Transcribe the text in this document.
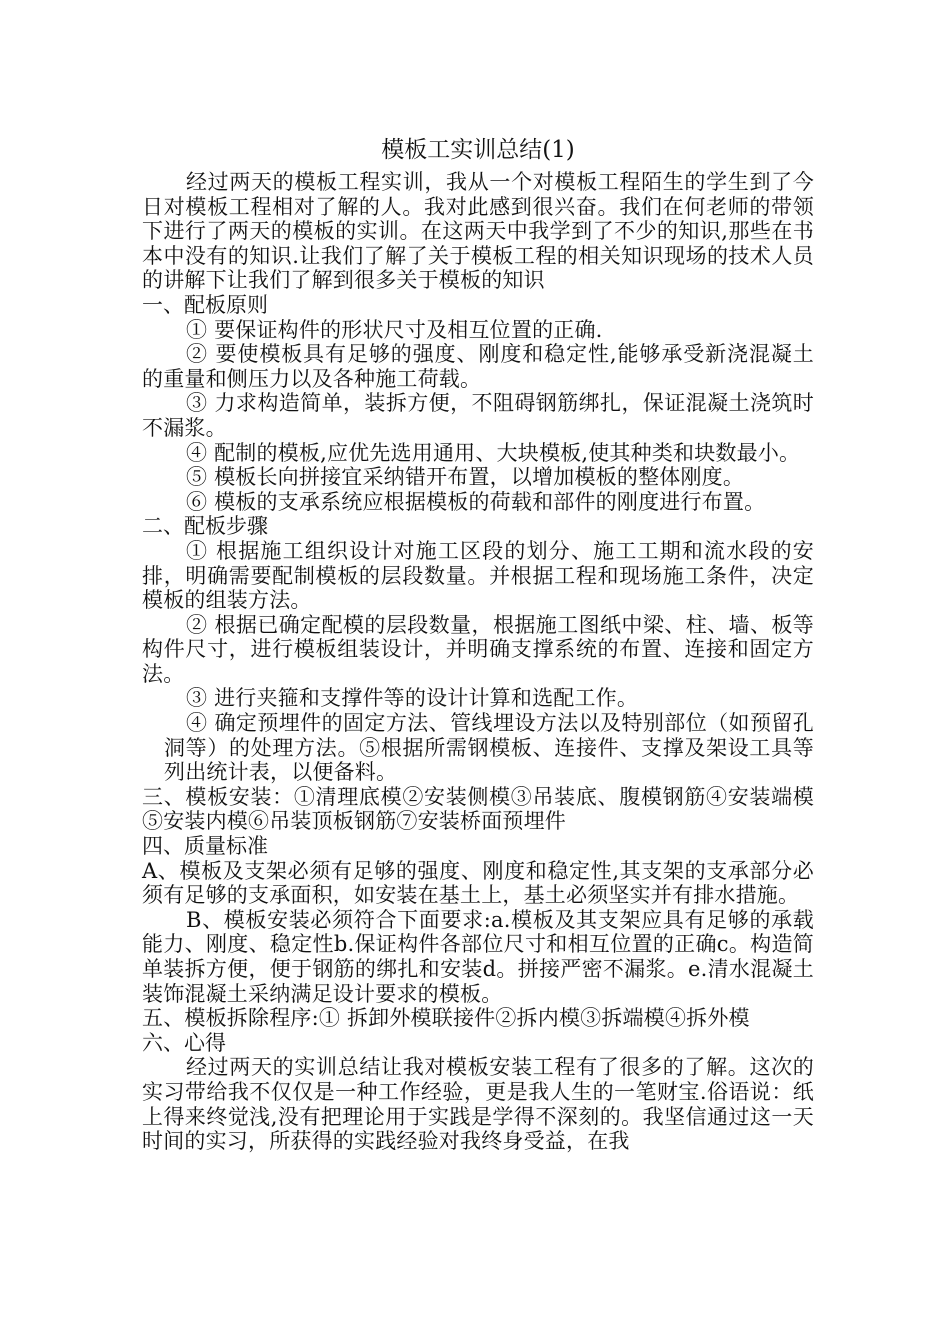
模板工实训总结(1)

经过两天的模板工程实训，我从一个对模板工程陌生的学生到了今日对模板工程相对了解的人。我对此感到很兴奋。我们在何老师的带领下进行了两天的模板的实训。在这两天中我学到了不少的知识,那些在书本中没有的知识.让我们了解了关于模板工程的相关知识现场的技术人员的讲解下让我们了解到很多关于模板的知识

一、配板原则

① 要保证构件的形状尺寸及相互位置的正确.

② 要使模板具有足够的强度、刚度和稳定性,能够承受新浇混凝土的重量和侧压力以及各种施工荷载。

③ 力求构造简单，装拆方便，不阻碍钢筋绑扎，保证混凝土浇筑时不漏浆。

④ 配制的模板,应优先选用通用、大块模板,使其种类和块数最小。

⑤ 模板长向拼接宜采纳错开布置，以增加模板的整体刚度。

⑥ 模板的支承系统应根据模板的荷载和部件的刚度进行布置。

二、配板步骤

① 根据施工组织设计对施工区段的划分、施工工期和流水段的安排，明确需要配制模板的层段数量。并根据工程和现场施工条件，决定模板的组装方法。

② 根据已确定配模的层段数量，根据施工图纸中梁、柱、墙、板等构件尺寸，进行模板组装设计，并明确支撑系统的布置、连接和固定方法。

③ 进行夹箍和支撑件等的设计计算和选配工作。

④ 确定预埋件的固定方法、管线埋设方法以及特别部位（如预留孔洞等）的处理方法。⑤根据所需钢模板、连接件、支撑及架设工具等列出统计表，以便备料。

三、模板安装：①清理底模②安装侧模③吊装底、腹模钢筋④安装端模⑤安装内模⑥吊装顶板钢筋⑦安装桥面预埋件

四、质量标准

A、模板及支架必须有足够的强度、刚度和稳定性,其支架的支承部分必须有足够的支承面积，如安装在基土上，基土必须坚实并有排水措施。

B、模板安装必须符合下面要求:a.模板及其支架应具有足够的承载能力、刚度、稳定性b.保证构件各部位尺寸和相互位置的正确c。构造简单装拆方便，便于钢筋的绑扎和安装d。拼接严密不漏浆。e.清水混凝土装饰混凝土采纳满足设计要求的模板。

五、模板拆除程序:① 拆卸外模联接件②拆内模③拆端模④拆外模

六、心得

经过两天的实训总结让我对模板安装工程有了很多的了解。这次的实习带给我不仅仅是一种工作经验，更是我人生的一笔财宝.俗语说：纸上得来终觉浅,没有把理论用于实践是学得不深刻的。我坚信通过这一天时间的实习，所获得的实践经验对我终身受益，在我
